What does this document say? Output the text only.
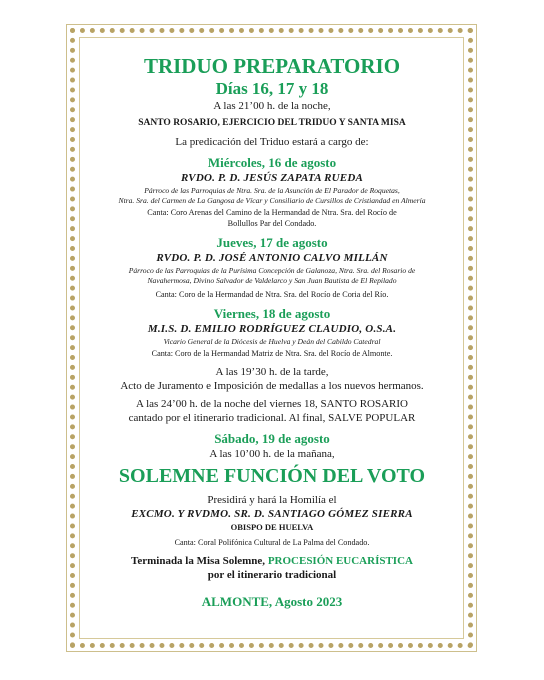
TRIDUO PREPARATORIO
Días 16, 17 y 18
A las 21’00 h. de la noche,
SANTO ROSARIO, EJERCICIO DEL TRIDUO Y SANTA MISA
La predicación del Triduo estará a cargo de:
Miércoles, 16 de agosto
RVDO. P. D. JESÚS ZAPATA RUEDA
Párroco de las Parroquias de Ntra. Sra. de la Asunción de El Parador de Roquetas,
Ntra. Sra. del Carmen de La Gangosa de Vícar y Consiliario de Cursillos de Cristiandad en Almería
Canta: Coro Arenas del Camino de la Hermandad de Ntra. Sra. del Rocío de
Bollullos Par del Condado.
Jueves, 17 de agosto
RVDO. P. D. JOSÉ ANTONIO CALVO MILLÁN
Párroco de las Parroquias de la Purísima Concepción de Galanoza, Ntra. Sra. del Rosario de
Navahermosa, Divino Salvador de Valdelarco y San Juan Bautista de El Repilado
Canta: Coro de la Hermandad de Ntra. Sra. del Rocío de Coria del Río.
Viernes, 18 de agosto
M.I.S. D. EMILIO RODRÍGUEZ CLAUDIO, O.S.A.
Vicario General de la Diócesis de Huelva y Deán del Cabildo Catedral
Canta: Coro de la Hermandad Matriz de Ntra. Sra. del Rocío de Almonte.
A las 19’30 h. de la tarde,
Acto de Juramento e Imposición de medallas a los nuevos hermanos.
A las 24’00 h. de la noche del viernes 18, SANTO ROSARIO
cantado por el itinerario tradicional. Al final, SALVE POPULAR
Sábado, 19 de agosto
A las 10’00 h. de la mañana,
SOLEMNE FUNCIÓN DEL VOTO
Presidirá y hará la Homilía el
EXCMO. Y RVDMO. SR. D. SANTIAGO GÓMEZ SIERRA
OBISPO DE HUELVA
Canta: Coral Polifónica Cultural de La Palma del Condado.
Terminada la Misa Solemne, PROCESIÓN EUCARÍSTICA
por el itinerario tradicional
ALMONTE, Agosto 2023
